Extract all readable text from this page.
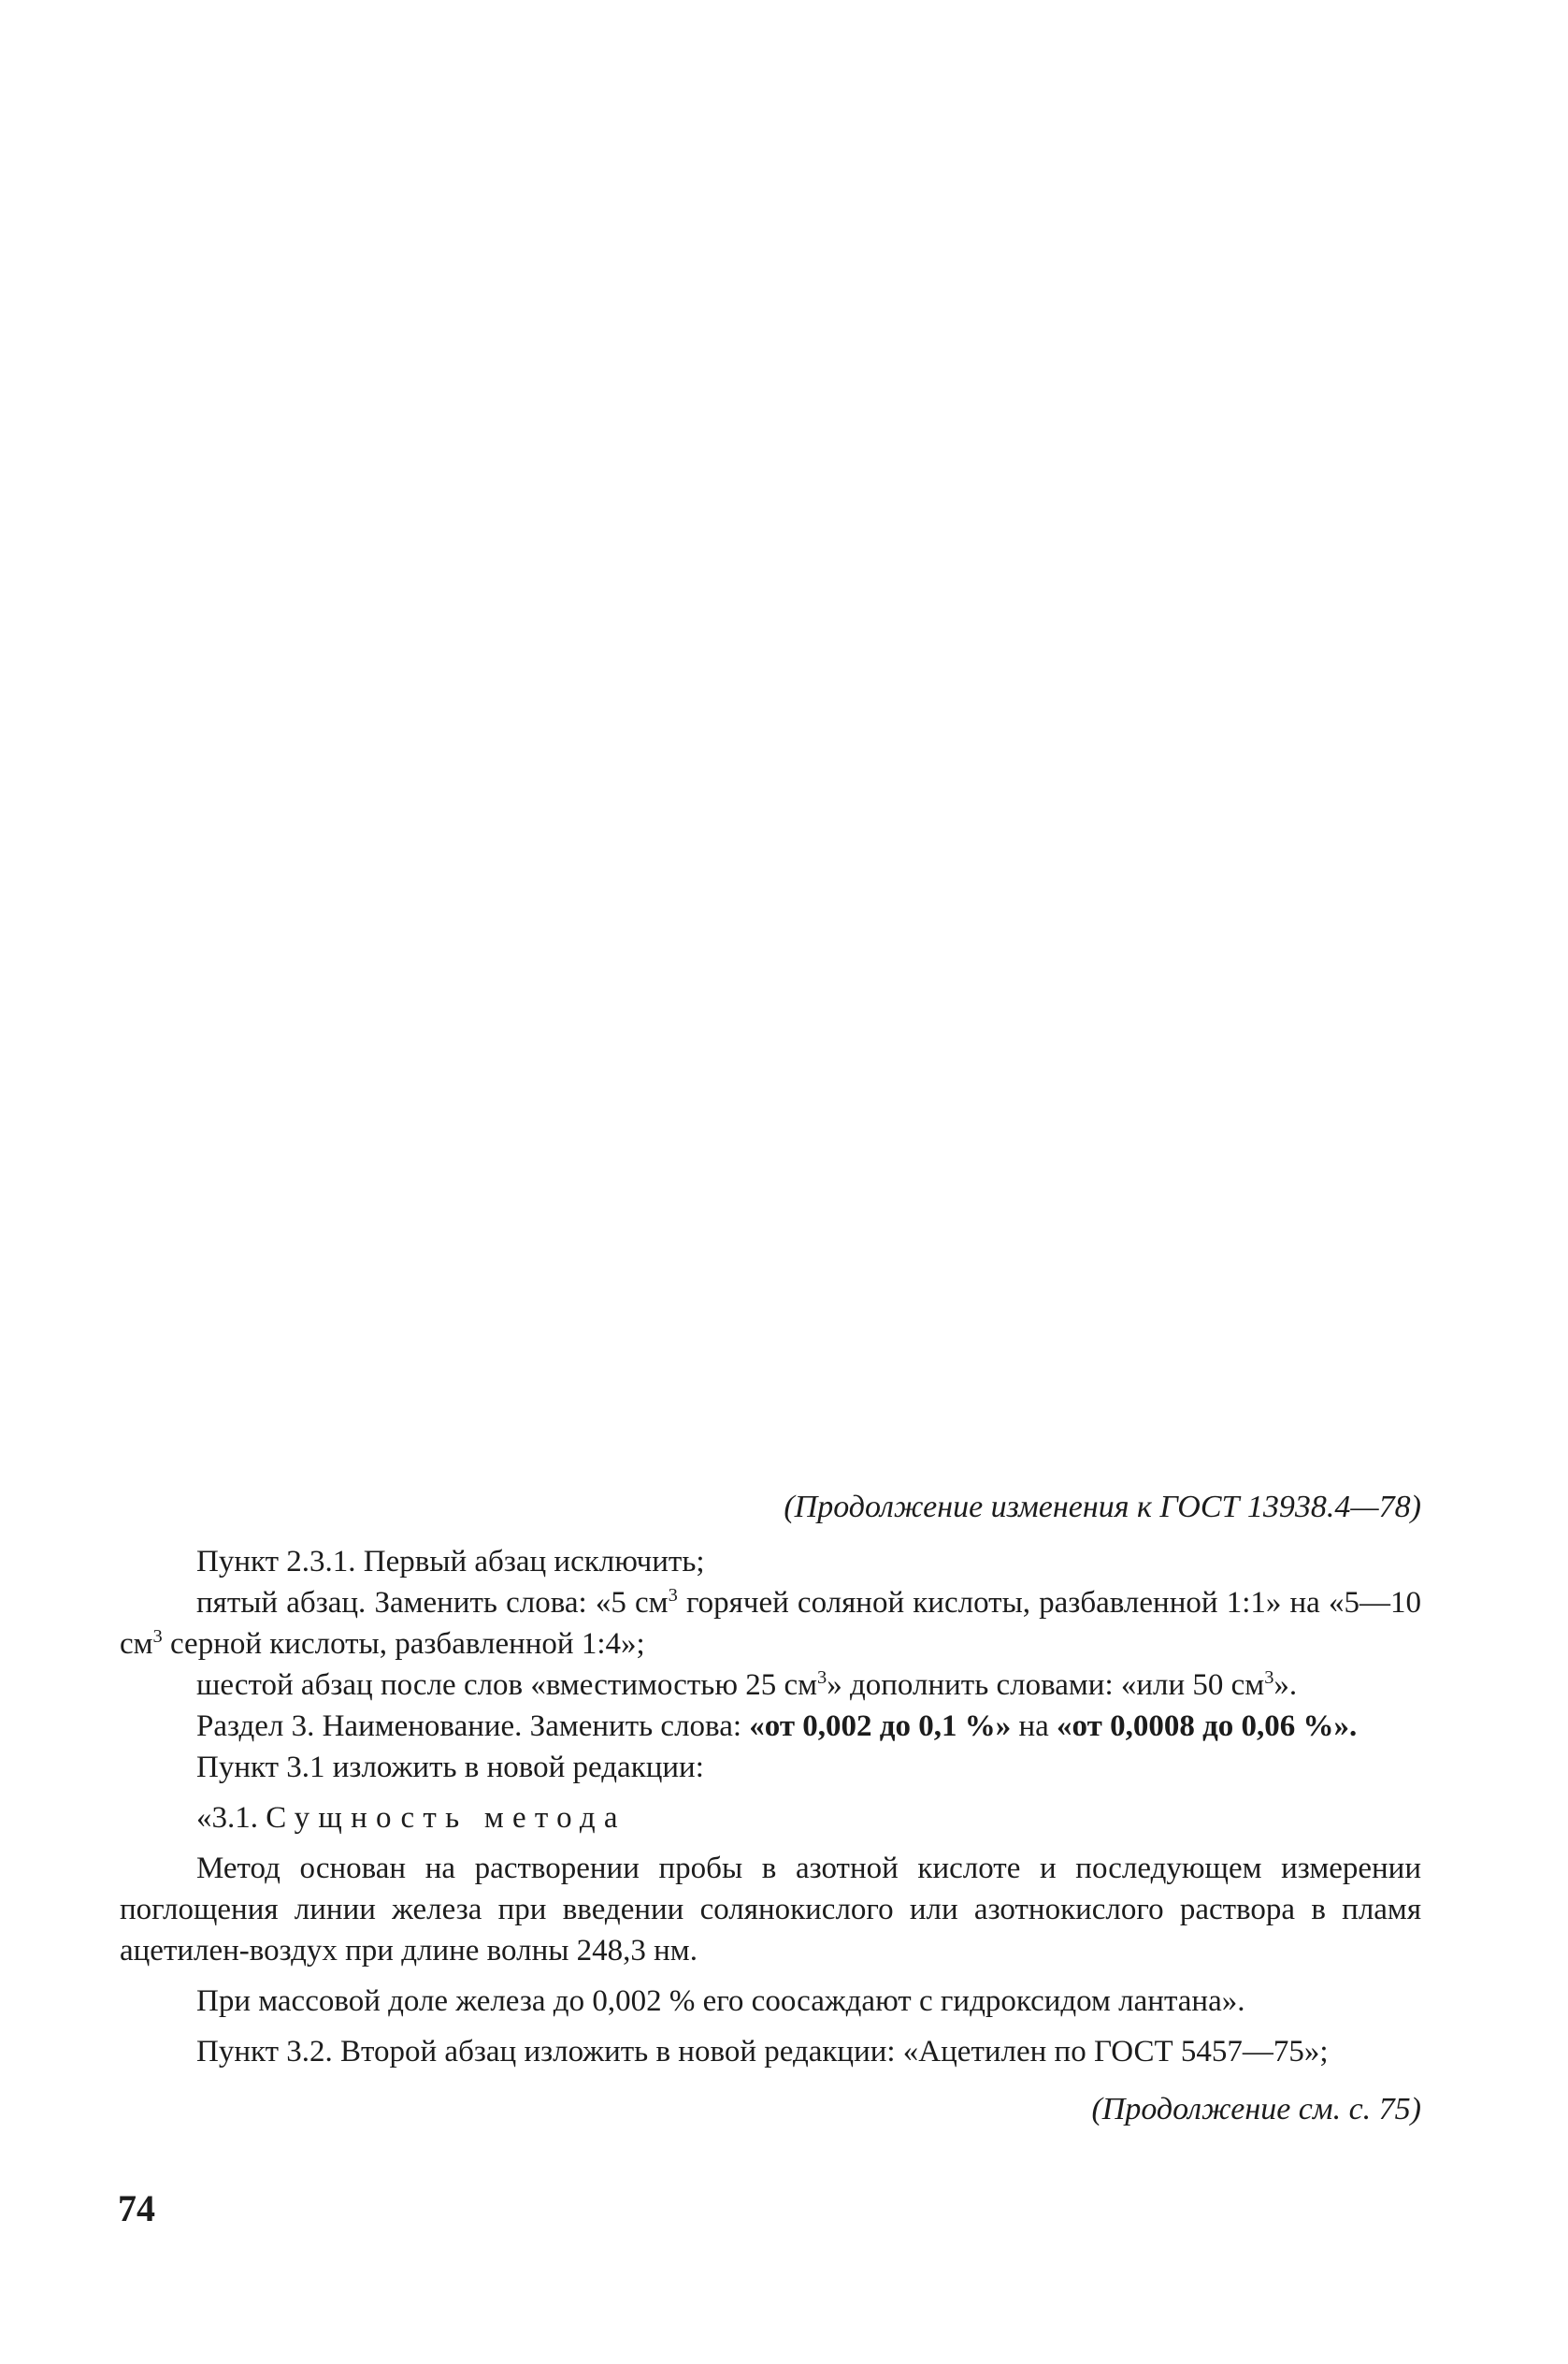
(Продолжение изменения к ГОСТ 13938.4—78)

Пункт 2.3.1. Первый абзац исключить;

пятый абзац. Заменить слова: «5 $см^3$ горячей соляной кислоты, разбавленной 1:1» на «5—10 $см^3$ серной кислоты, разбавленной 1:4»;

шестой абзац после слов «вместимостью 25 $см^3$» дополнить словами: «или 50 $см^3$».

Раздел 3. Наименование. Заменить слова: «от 0,002 до 0,1 %» на «от 0,0008 до 0,06 %».

Пункт 3.1 изложить в новой редакции:

«3.1. Сущность метода

Метод основан на растворении пробы в азотной кислоте и последующем измерении поглощения линии железа при введении солянокислого или азотнокислого раствора в пламя ацетилен-воздух при длине волны 248,3 нм.

При массовой доле железа до 0,002 % его соосаждают с гидроксидом лантана».

Пункт 3.2. Второй абзац изложить в новой редакции: «Ацетилен по ГОСТ 5457—75»;

(Продолжение см. с. 75)

74
